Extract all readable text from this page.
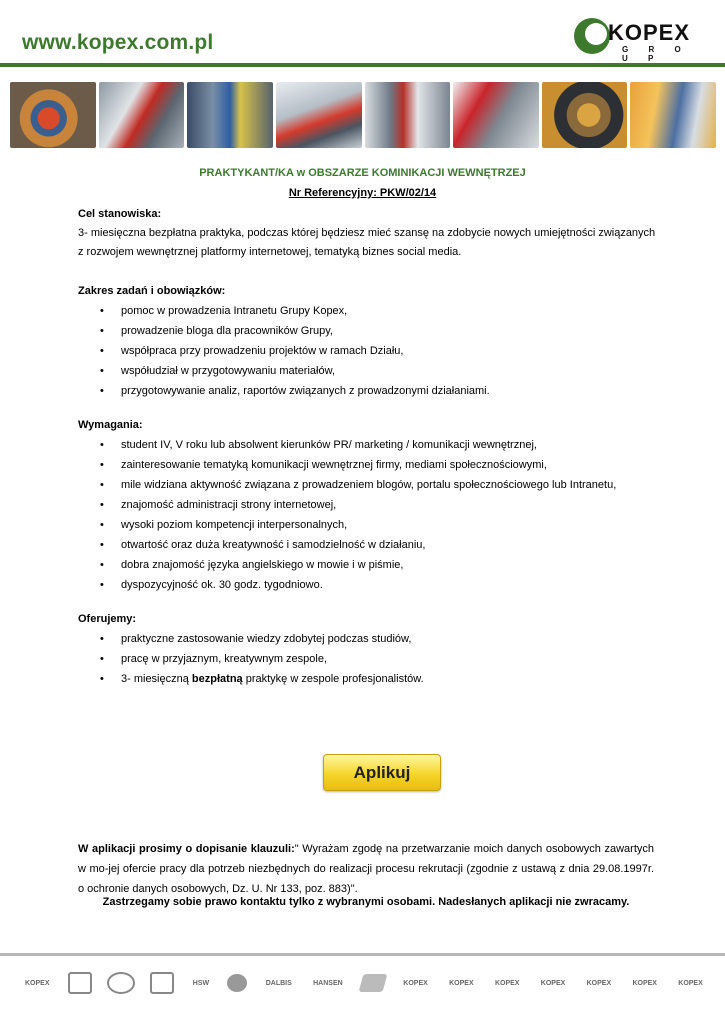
www.kopex.com.pl	KOPEX
G R O U P
PRAKTYKANT/KA w OBSZARZE KOMINIKACJI WEWNĘTRZEJ
Nr Referencyjny: PKW/02/14

Cel stanowiska:

3- miesięczna bezpłatna praktyka, podczas której będziesz mieć szansę na zdobycie nowych umiejętności związanych

z rozwojem wewnętrznej platformy internetowej, tematyką biznes social media.

Zakres zadań i obowiązków:

• pomoc w prowadzenia Intranetu Grupy Kopex,
• prowadzenie bloga dla pracowników Grupy,
• współpraca przy prowadzeniu projektów w ramach Działu,
• współudział w przygotowywaniu materiałów,
• przygotowywanie analiz, raportów związanych z prowadzonymi działaniami.

Wymagania:

• student IV, V roku lub absolwent kierunków PR/ marketing / komunikacji wewnętrznej,
• zainteresowanie tematyką komunikacji wewnętrznej firmy, mediami społecznościowymi,
• mile widziana aktywność związana z prowadzeniem blogów, portalu społecznościowego lub Intranetu,
• znajomość administracji strony internetowej,
• wysoki poziom kompetencji interpersonalnych,
• otwartość oraz duża kreatywność i samodzielność w działaniu,
• dobra znajomość języka angielskiego w mowie i w piśmie,
• dyspozycyjność ok. 30 godz. tygodniowo.

Oferujemy:

• praktyczne zastosowanie wiedzy zdobytej podczas studiów,
• pracę w przyjaznym, kreatywnym zespole,
• 3- miesięczną bezpłatną praktykę w zespole profesjonalistów.
Aplikuj
W aplikacji prosimy o dopisanie klauzuli:" Wyrażam zgodę na przetwarzanie moich danych osobowych zawartych w mo-jej ofercie pracy dla potrzeb niezbędnych do realizacji procesu rekrutacji (zgodnie z ustawą z dnia 29.08.1997r. o ochronie danych osobowych, Dz. U. Nr 133, poz. 883)".
Zastrzegamy sobie prawo kontaktu tylko z wybranymi osobami. Nadesłanych aplikacji nie zwracamy.
KOPEX	HSW	DALBIS	HANSEN	KOPEX	KOPEX	KOPEX	KOPEX	KOPEX	KOPEX	KOPEX
